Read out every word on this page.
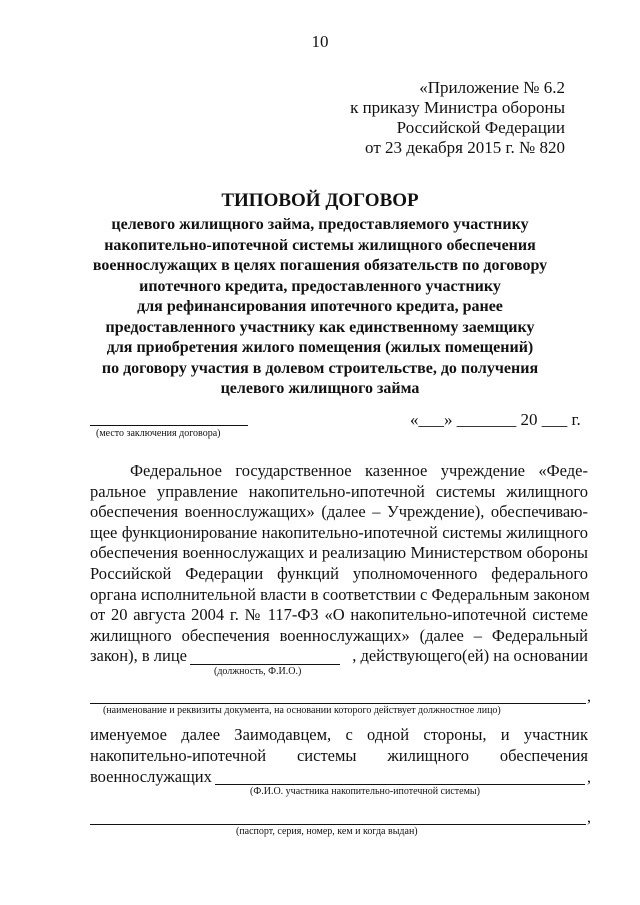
10
«Приложение № 6.2
к приказу Министра обороны
Российской Федерации
от 23 декабря 2015 г. № 820
ТИПОВОЙ ДОГОВОР
целевого жилищного займа, предоставляемого участнику
накопительно-ипотечной системы жилищного обеспечения
военнослужащих в целях погашения обязательств по договору
ипотечного кредита, предоставленного участнику
для рефинансирования ипотечного кредита, ранее
предоставленного участнику как единственному заемщику
для приобретения жилого помещения (жилых помещений)
по договору участия в долевом строительстве, до получения
целевого жилищного займа
(место заключения договора)
«___» _______ 20 ___ г.
Федеральное государственное казенное учреждение «Феде-
ральное управление накопительно-ипотечной системы жилищного
обеспечения военнослужащих» (далее – Учреждение), обеспечиваю-
щее функционирование накопительно-ипотечной системы жилищного
обеспечения военнослужащих и реализацию Министерством обороны
Российской Федерации функций уполномоченного федерального
органа исполнительной власти в соответствии с Федеральным законом
от 20 августа 2004 г. № 117-ФЗ «О накопительно-ипотечной системе
жилищного обеспечения военнослужащих» (далее – Федеральный
закон), в лице
(должность, Ф.И.О.)
, действующего(ей) на основании
,
(наименование и реквизиты документа, на основании которого действует должностное лицо)
именуемое далее Заимодавцем, с одной стороны, и участник
накопительно-ипотечной системы жилищного обеспечения
военнослужащих	,
(Ф.И.О. участника накопительно-ипотечной системы)
,
(паспорт, серия, номер, кем и когда выдан)
